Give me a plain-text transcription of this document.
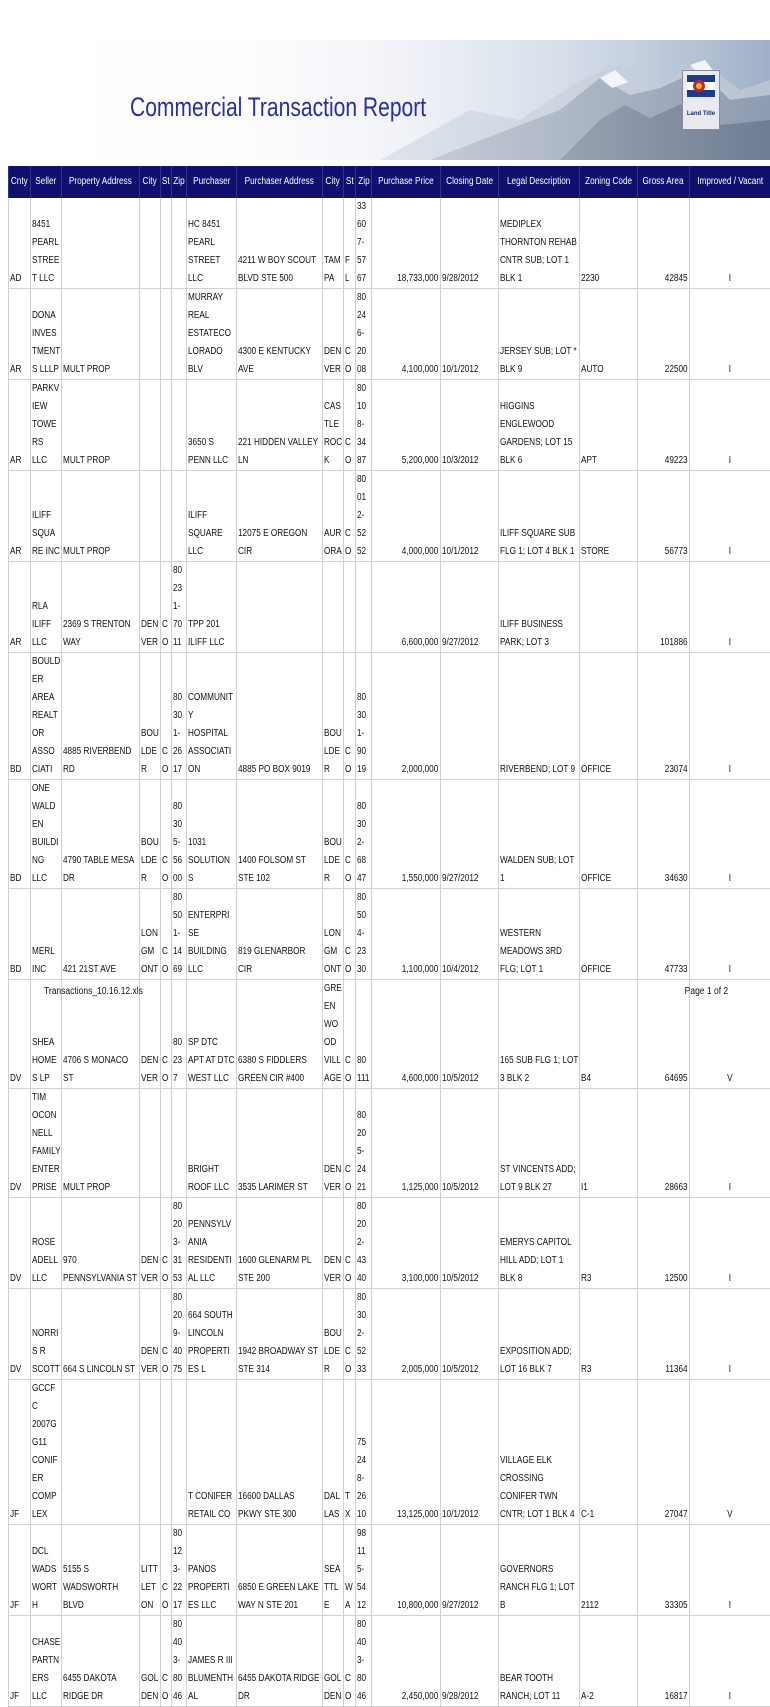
Commercial Transaction Report	Land Title
Cnty	Seller	Property Address	City	St	Zip	Purchaser	Purchaser Address	City	St	Zip	Purchase Price	Closing Date	Legal Description	Zoning Code	Gross Area	Improved / Vacant

AD	8451 PEARL STREET LLC					HC 8451 PEARL STREET LLC	4211 W BOY SCOUT BLVD STE 500	TAMPA	FL	33607-5767	18,733,000	9/28/2012	MEDIPLEX THORNTON REHAB CNTR SUB; LOT 1 BLK 1	2230	42845	I

AR	DONA INVESTMENTS LLLP	MULT PROP				MURRAY REAL ESTATECOLORADO BLV	4300 E KENTUCKY AVE	DENVER	CO	80246-2008	4,100,000	10/1/2012	JERSEY SUB; LOT * BLK 9	AUTO	22500	I

AR	PARKVIEW TOWERS LLC	MULT PROP				3650 S PENN LLC	221 HIDDEN VALLEY LN	CASTLE ROCK	CO	80108-3487	5,200,000	10/3/2012	HIGGINS ENGLEWOOD GARDENS; LOT 15 BLK 6	APT	49223	I

AR	ILIFF SQUARE INC	MULT PROP				ILIFF SQUARE LLC	12075 E OREGON CIR	AURORA	CO	80012-5252	4,000,000	10/1/2012	ILIFF SQUARE SUB FLG 1; LOT 4 BLK 1	STORE	56773	I

AR	RLA ILIFF LLC	2369 S TRENTON WAY	DENVER	CO	80231-7011	TPP 201 ILIFF LLC					6,600,000	9/27/2012	ILIFF BUSINESS PARK; LOT 3		101886	I

BD	BOULDER AREA REALTOR ASSOCIATI	4885 RIVERBEND RD	BOULDER	CO	80301-2617	COMMUNITY HOSPITAL ASSOCIATION	4885 PO BOX 9019	BOULDER	CO	80301-9019	2,000,000		RIVERBEND; LOT 9	OFFICE	23074	I

BD	ONE WALDEN BUILDING LLC	4790 TABLE MESA DR	BOULDER	CO	80305-5600	1031 SOLUTIONS	1400 FOLSOM ST STE 102	BOULDER	CO	80302-6847	1,550,000	9/27/2012	WALDEN SUB; LOT 1	OFFICE	34630	I

BD	MERL INC	421 21ST AVE	LONGMONT	CO	80501-1469	ENTERPRISE BUILDING LLC	819 GLENARBOR CIR	LONGMONT	CO	80504-2330	1,100,000	10/4/2012	WESTERN MEADOWS 3RD FLG; LOT 1	OFFICE	47733	I

DV	SHEA HOMES LP	4706 S MONACO ST	DENVER	CO	80237	SP DTC APT AT DTC WEST LLC	6380 S FIDDLERS GREEN CIR #400	GREENWOOD VILLAGE	CO	80111	4,600,000	10/5/2012	165 SUB FLG 1; LOT 3 BLK 2	B4	64695	V

DV	TIM OCONNELL FAMILY ENTERPRISE	MULT PROP				BRIGHT ROOF LLC	3535 LARIMER ST	DENVER	CO	80205-2421	1,125,000	10/5/2012	ST VINCENTS ADD; LOT 9 BLK 27	I1	28663	I

DV	ROSE ADELL LLC	970 PENNSYLVANIA ST	DENVER	CO	80203-3153	PENNSYLVANIA RESIDENTIAL LLC	1600 GLENARM PL STE 200	DENVER	CO	80202-4340	3,100,000	10/5/2012	EMERYS CAPITOL HILL ADD; LOT 1 BLK 8	R3	12500	I

DV	NORRIS R SCOTT	664 S LINCOLN ST	DENVER	CO	80209-4075	664 SOUTH LINCOLN PROPERTIES L	1942 BROADWAY ST STE 314	BOULDER	CO	80302-5233	2,005,000	10/5/2012	EXPOSITION ADD; LOT 16 BLK 7	R3	11364	I

JF	GCCFC 2007GG11 CONIFER COMPLEX					T CONIFER RETAIL CO	16600 DALLAS PKWY STE 300	DALLAS	TX	75248-2610	13,125,000	10/1/2012	VILLAGE ELK CROSSING CONIFER TWN CNTR; LOT 1 BLK 4	C-1	27047	V

JF	DCL WADSWORTH	5155 S WADSWORTH BLVD	LITTLETON	CO	80123-2217	PANOS PROPERTIES LLC	6850 E GREEN LAKE WAY N STE 201	SEATTLE	WA	98115-5412	10,800,000	9/27/2012	GOVERNORS RANCH FLG 1; LOT B	2112	33305	I

JF	CHASE PARTNERS LLC	6455 DAKOTA RIDGE DR	GOLDEN	CO	80403-8046	JAMES R III BLUMENTHAL	6455 DAKOTA RIDGE DR	GOLDEN	CO	80403-8046	2,450,000	9/28/2012	BEAR TOOTH RANCH; LOT 11	A-2	16817	I
Transactions_10.16.12.xls	Page 1 of 2
